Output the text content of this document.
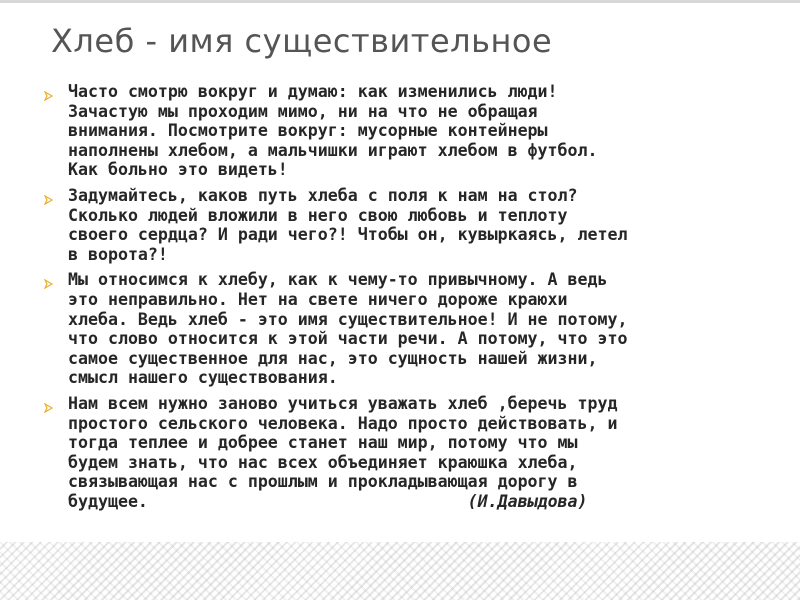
Хлеб - имя существительное

Часто смотрю вокруг и думаю: как изменились люди!
Зачастую мы проходим мимо, ни на что не обращая
внимания. Посмотрите вокруг: мусорные контейнеры
наполнены хлебом, а мальчишки играют хлебом в футбол.
Как больно это видеть!

Задумайтесь, каков путь хлеба с поля к нам на стол?
Сколько людей вложили в него свою любовь и теплоту
своего сердца? И ради чего?! Чтобы он, кувыркаясь, летел
в ворота?!

Мы относимся к хлебу, как к чему-то привычному. А ведь
это неправильно. Нет на свете ничего дороже краюхи
хлеба. Ведь хлеб - это имя существительное! И не потому,
что слово относится к этой части речи. А потому, что это
самое существенное для нас, это сущность нашей жизни,
смысл нашего существования.

Нам всем нужно заново учиться уважать хлеб ,беречь труд
простого сельского человека. Надо просто действовать, и
тогда теплее и добрее станет наш мир, потому что мы
будем знать, что нас всех объединяет краюшка хлеба,
связывающая нас с прошлым и прокладывающая дорогу в
будущее.	(И.Давыдова)
